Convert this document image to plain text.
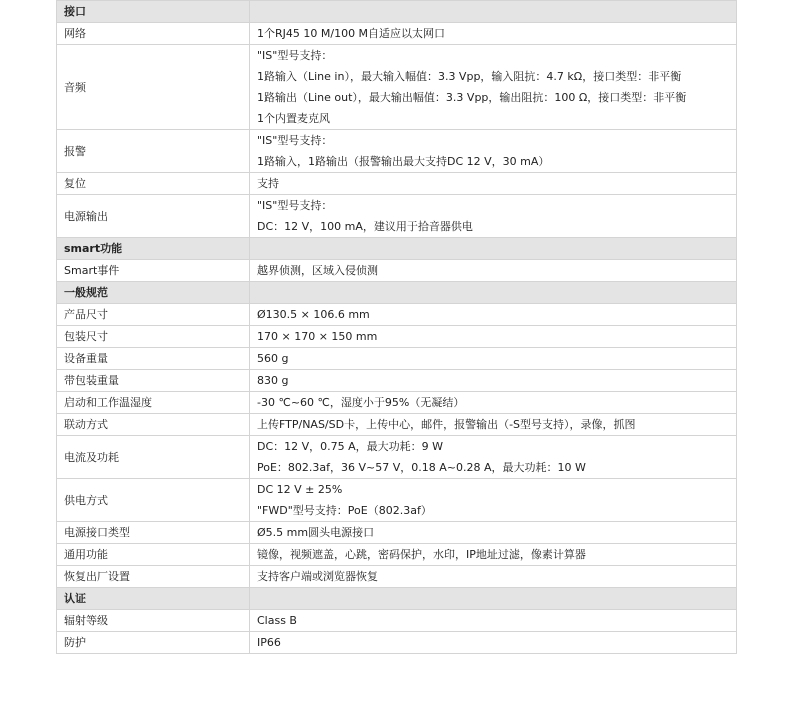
接口	
网络	1个RJ45 10 M/100 M自适应以太网口

音频	"IS"型号支持：
1路输入（Line in），最大输入幅值：3.3 Vpp，输入阻抗：4.7 kΩ，接口类型：非平衡
1路输出（Line out），最大输出幅值：3.3 Vpp，输出阻抗：100 Ω，接口类型：非平衡
1个内置麦克风

报警	"IS"型号支持：
1路输入，1路输出（报警输出最大支持DC 12 V，30 mA）

复位	支持

电源输出	"IS"型号支持：
DC：12 V，100 mA，建议用于拾音器供电

smart功能	
Smart事件	越界侦测，区域入侵侦测

一般规范	
产品尺寸	Ø130.5 × 106.6 mm

包装尺寸	170 × 170 × 150 mm

设备重量	560 g

带包装重量	830 g

启动和工作温湿度	-30 ℃~60 ℃，湿度小于95%（无凝结）

联动方式	上传FTP/NAS/SD卡，上传中心，邮件，报警输出（-S型号支持），录像，抓图

电流及功耗	DC：12 V，0.75 A，最大功耗：9 W
PoE：802.3af，36 V~57 V，0.18 A~0.28 A，最大功耗：10 W

供电方式	DC 12 V ± 25%
"FWD"型号支持：PoE（802.3af）

电源接口类型	Ø5.5 mm圆头电源接口

通用功能	镜像，视频遮盖，心跳，密码保护，水印，IP地址过滤，像素计算器

恢复出厂设置	支持客户端或浏览器恢复

认证	
辐射等级	Class B

防护	IP66
